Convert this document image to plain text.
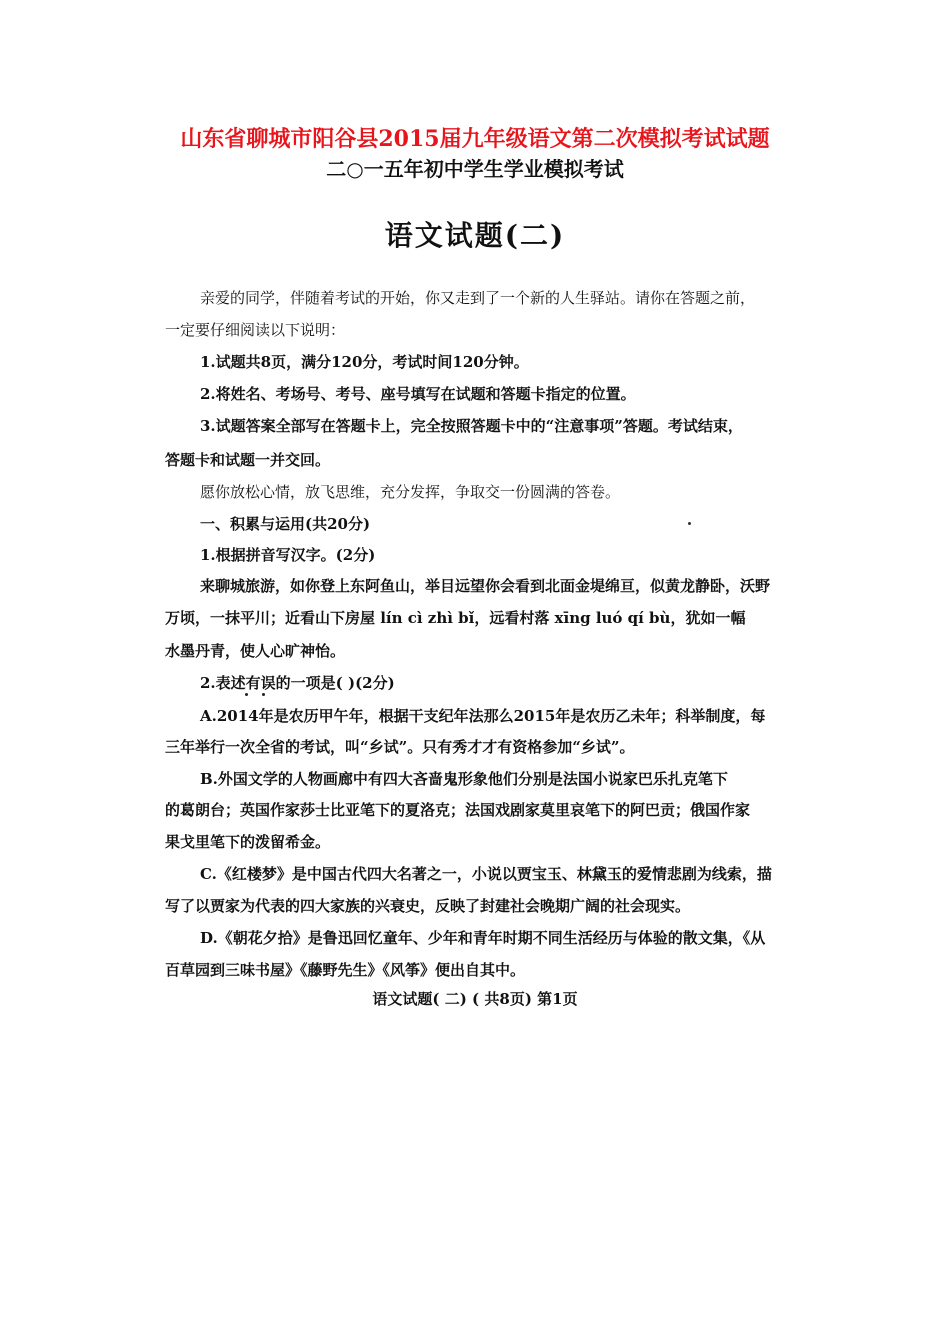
山东省聊城市阳谷县2015届九年级语文第二次模拟考试试题
二○一五年初中学生学业模拟考试
语文试题(二)
亲爱的同学，伴随着考试的开始，你又走到了一个新的人生驿站。请你在答题之前，
一定要仔细阅读以下说明：
1.试题共8页，满分120分，考试时间120分钟。
2.将姓名、考场号、考号、座号填写在试题和答题卡指定的位置。
3.试题答案全部写在答题卡上，完全按照答题卡中的“注意事项”答题。考试结束，
答题卡和试题一并交回。
愿你放松心情，放飞思维，充分发挥，争取交一份圆满的答卷。
一、积累与运用(共20分)
1.根据拼音写汉字。(2分)
来聊城旅游，如你登上东阿鱼山，举目远望你会看到北面金堤绵亘，似黄龙静卧，沃野
万顷，一抹平川；近看山下房屋 lín cì zhì bǐ，远看村落 xīng luó qí bù，犹如一幅
水墨丹青，使人心旷神怡。
2.表述有误的一项是( )(2分)
A.2014年是农历甲午年，根据干支纪年法那么2015年是农历乙未年；科举制度，每
三年举行一次全省的考试，叫“乡试”。只有秀才才有资格参加“乡试”。
B.外国文学的人物画廊中有四大吝啬鬼形象他们分别是法国小说家巴乐扎克笔下
的葛朗台；英国作家莎士比亚笔下的夏洛克；法国戏剧家莫里哀笔下的阿巴贡；俄国作家
果戈里笔下的泼留希金。
C.《红楼梦》是中国古代四大名著之一，小说以贾宝玉、林黛玉的爱情悲剧为线索，描
写了以贾家为代表的四大家族的兴衰史，反映了封建社会晚期广阔的社会现实。
D.《朝花夕拾》是鲁迅回忆童年、少年和青年时期不同生活经历与体验的散文集，《从
百草园到三味书屋》《藤野先生》《风筝》便出自其中。
语文试题( 二) ( 共8页) 第1页
